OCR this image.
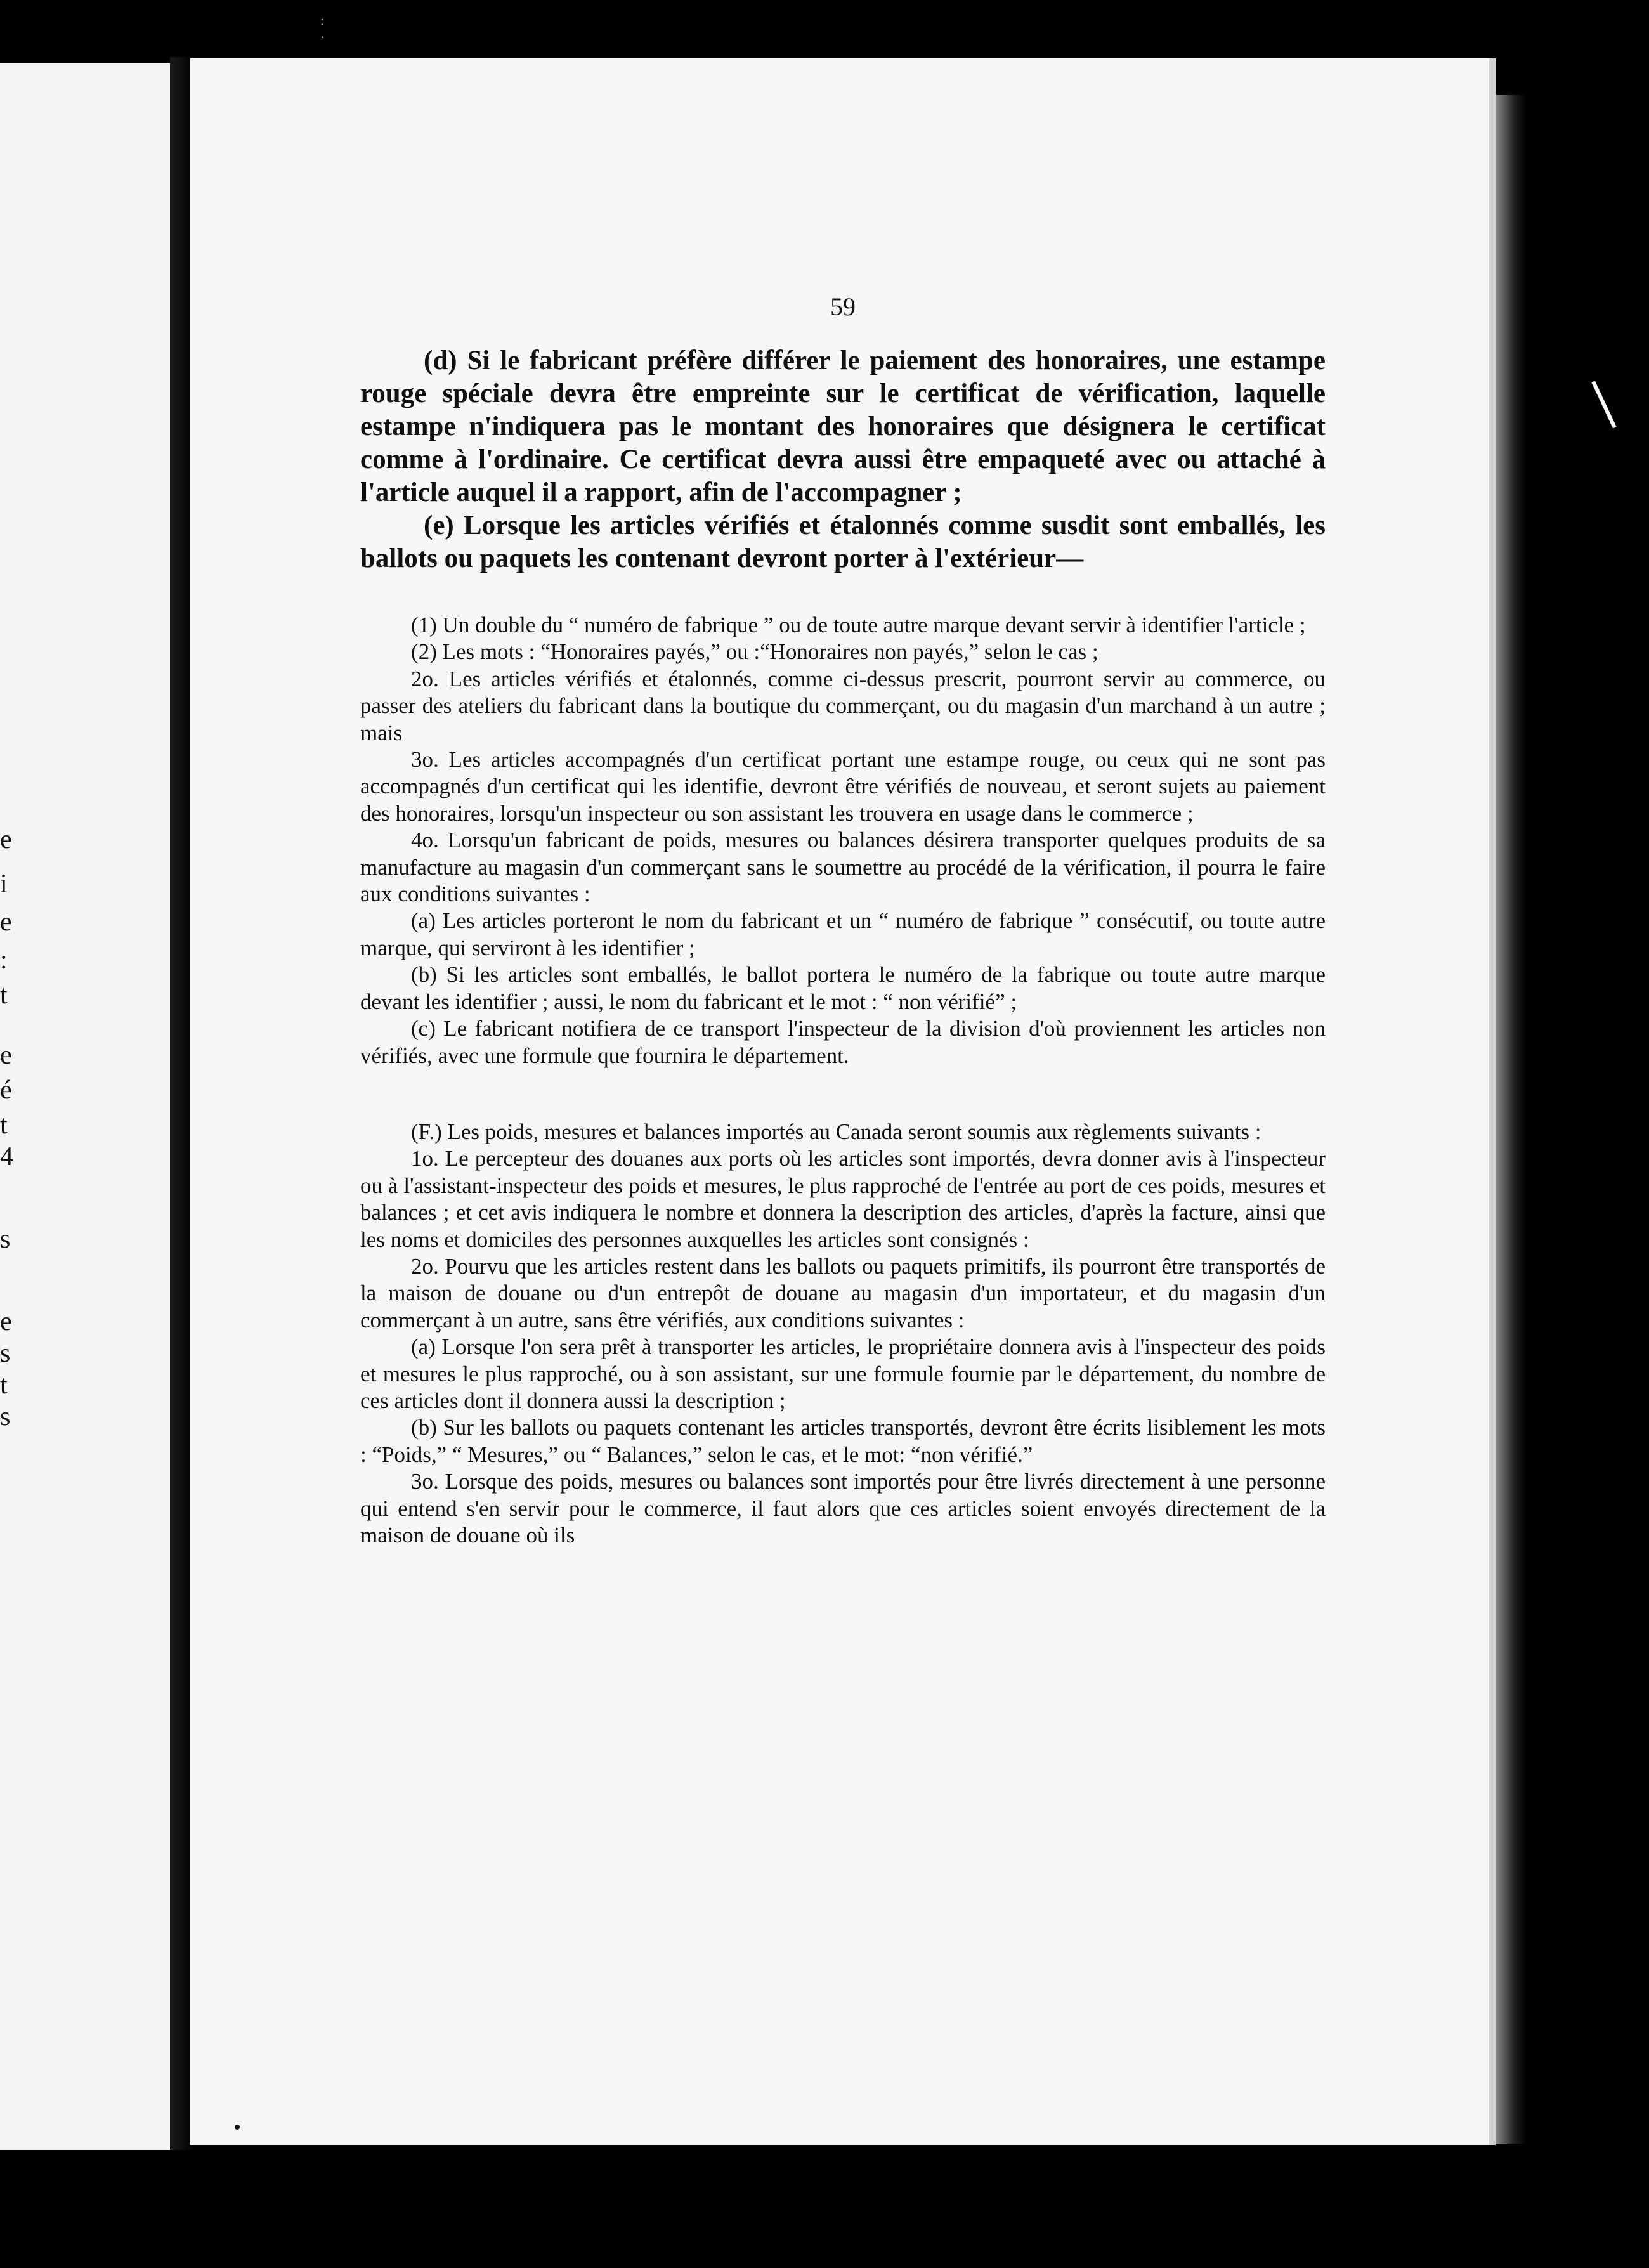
:
·
e
i
e
:
t
e
é
t
4
s
e
s
t
s
59

(d) Si le fabricant préfère différer le paiement des honoraires, une estampe rouge spéciale devra être empreinte sur le certificat de vérification, laquelle estampe n'indiquera pas le montant des honoraires que désignera le certificat comme à l'ordinaire. Ce certificat devra aussi être empaqueté avec ou attaché à l'article auquel il a rapport, afin de l'accompagner ;

(e) Lorsque les articles vérifiés et étalonnés comme susdit sont emballés, les ballots ou paquets les contenant devront porter à l'extérieur—

(1) Un double du “ numéro de fabrique ” ou de toute autre marque devant servir à identifier l'article ;

(2) Les mots : “Honoraires payés,” ou :“Honoraires non payés,” selon le cas ;

2o. Les articles vérifiés et étalonnés, comme ci-dessus prescrit, pourront servir au commerce, ou passer des ateliers du fabricant dans la boutique du commerçant, ou du magasin d'un marchand à un autre ; mais

3o. Les articles accompagnés d'un certificat portant une estampe rouge, ou ceux qui ne sont pas accompagnés d'un certificat qui les identifie, devront être vérifiés de nouveau, et seront sujets au paiement des honoraires, lorsqu'un inspecteur ou son assistant les trouvera en usage dans le commerce ;

4o. Lorsqu'un fabricant de poids, mesures ou balances désirera transporter quelques produits de sa manufacture au magasin d'un commerçant sans le soumettre au procédé de la vérification, il pourra le faire aux conditions suivantes :

(a) Les articles porteront le nom du fabricant et un “ numéro de fabrique ” consécutif, ou toute autre marque, qui serviront à les identifier ;

(b) Si les articles sont emballés, le ballot portera le numéro de la fabrique ou toute autre marque devant les identifier ; aussi, le nom du fabricant et le mot : “ non vérifié” ;

(c) Le fabricant notifiera de ce transport l'inspecteur de la division d'où proviennent les articles non vérifiés, avec une formule que fournira le département.

(F.) Les poids, mesures et balances importés au Canada seront soumis aux règlements suivants :

1o. Le percepteur des douanes aux ports où les articles sont importés, devra donner avis à l'inspecteur ou à l'assistant-inspecteur des poids et mesures, le plus rapproché de l'entrée au port de ces poids, mesures et balances ; et cet avis indiquera le nombre et donnera la description des articles, d'après la facture, ainsi que les noms et domiciles des personnes auxquelles les articles sont consignés :

2o. Pourvu que les articles restent dans les ballots ou paquets primitifs, ils pourront être transportés de la maison de douane ou d'un entrepôt de douane au magasin d'un importateur, et du magasin d'un commerçant à un autre, sans être vérifiés, aux conditions suivantes :

(a) Lorsque l'on sera prêt à transporter les articles, le propriétaire donnera avis à l'inspecteur des poids et mesures le plus rapproché, ou à son assistant, sur une formule fournie par le département, du nombre de ces articles dont il donnera aussi la description ;

(b) Sur les ballots ou paquets contenant les articles transportés, devront être écrits lisiblement les mots : “Poids,” “ Mesures,” ou “ Balances,” selon le cas, et le mot: “non vérifié.”

3o. Lorsque des poids, mesures ou balances sont importés pour être livrés directement à une personne qui entend s'en servir pour le commerce, il faut alors que ces articles soient envoyés directement de la maison de douane où ils
